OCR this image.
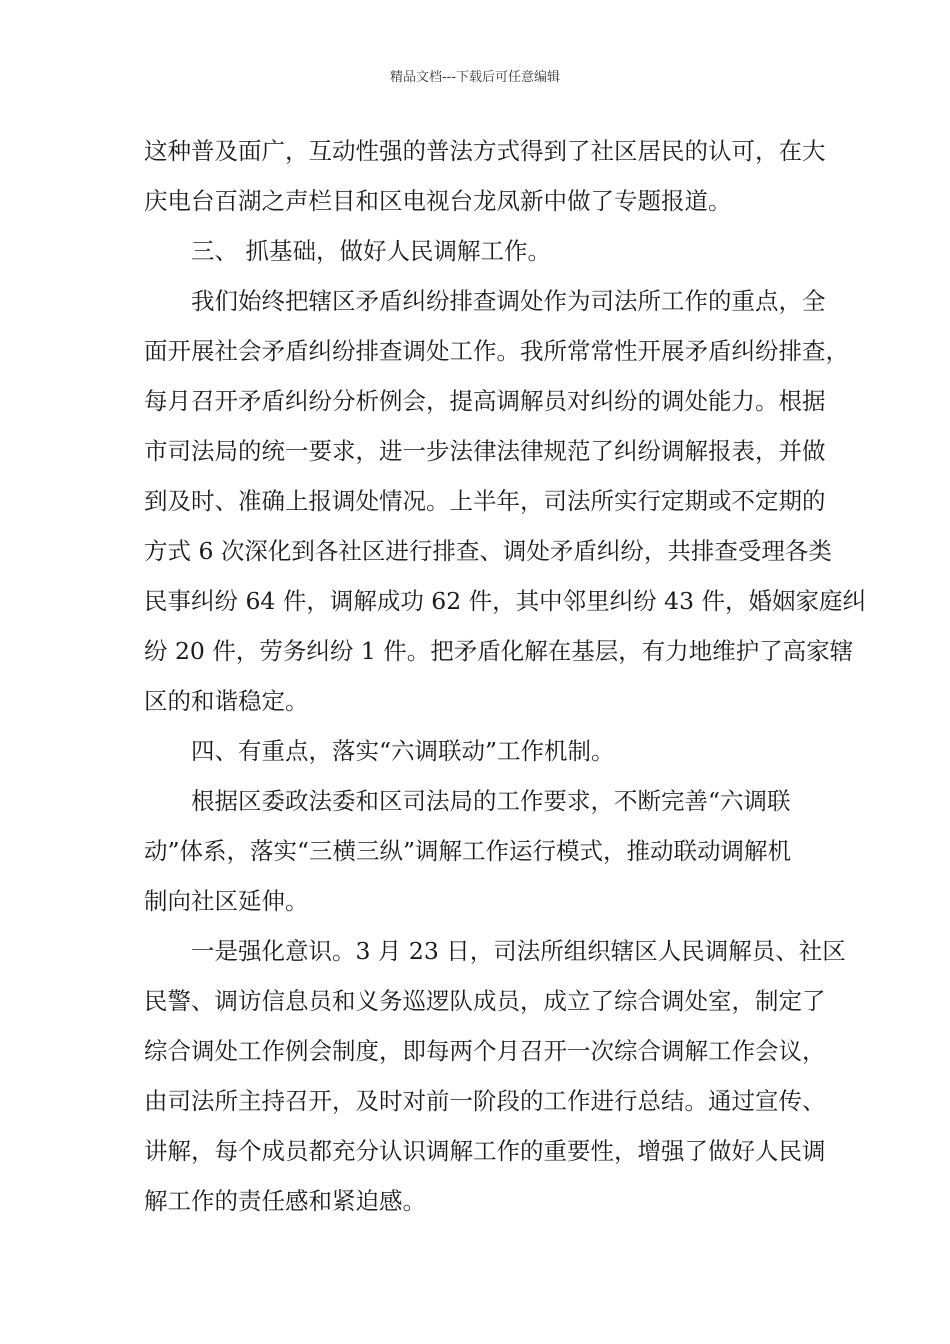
精品文档---下载后可任意编辑
这种普及面广，互动性强的普法方式得到了社区居民的认可，在大
庆电台百湖之声栏目和区电视台龙凤新中做了专题报道。
三、 抓基础，做好人民调解工作。
我们始终把辖区矛盾纠纷排查调处作为司法所工作的重点，全
面开展社会矛盾纠纷排查调处工作。我所常常性开展矛盾纠纷排查，
每月召开矛盾纠纷分析例会，提高调解员对纠纷的调处能力。根据
市司法局的统一要求，进一步法律法律规范了纠纷调解报表，并做
到及时、准确上报调处情况。上半年，司法所实行定期或不定期的
方式 6 次深化到各社区进行排查、调处矛盾纠纷，共排查受理各类
民事纠纷 64 件，调解成功 62 件，其中邻里纠纷 43 件，婚姻家庭纠
纷 20 件，劳务纠纷 1 件。把矛盾化解在基层，有力地维护了高家辖
区的和谐稳定。
四、有重点，落实“六调联动”工作机制。
根据区委政法委和区司法局的工作要求，不断完善“六调联
动”体系，落实“三横三纵”调解工作运行模式，推动联动调解机
制向社区延伸。
一是强化意识。3 月 23 日，司法所组织辖区人民调解员、社区
民警、调访信息员和义务巡逻队成员，成立了综合调处室，制定了
综合调处工作例会制度，即每两个月召开一次综合调解工作会议，
由司法所主持召开，及时对前一阶段的工作进行总结。通过宣传、
讲解，每个成员都充分认识调解工作的重要性，增强了做好人民调
解工作的责任感和紧迫感。
